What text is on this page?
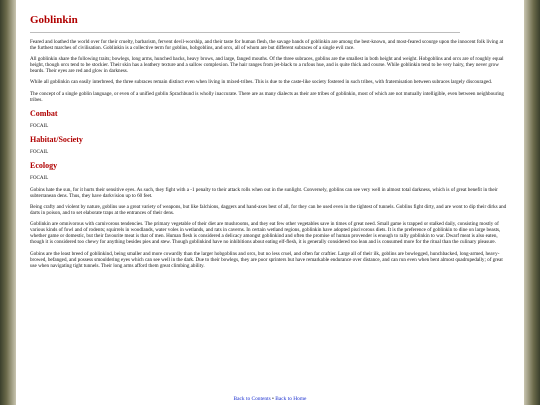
Goblinkin

Feared and loathed the world over for their cruelty, barbarism, fervent devil-worship, and their taste for human flesh, the savage bands of goblinkin are among the best-known, and most-feared scourge upon the innocent folk living at the furthest marches of civilisation. Goblinkin is a collective term for goblins, hobgoblins, and orcs, all of whom are but different subraces of a single evil race.

All goblinkin share the following traits; bowlegs, long arms, hunched backs, heavy brows, and large, fanged mouths. Of the three subraces, goblins are the smallest in both height and weight. Hobgoblins and orcs are of roughly equal height, though orcs tend to be stockier. Their skin has a leathery texture and a sallow complexion. The hair ranges from jet-black to a rufous hue, and is quite thick and course. While goblinkin tend to be very hairy, they never grow beards. Their eyes are red and glow in darkness.

While all goblinkin can easily interbreed, the three subraces remain distinct even when living in mixed-tribes. This is due to the caste-like society fostered in such tribes, with fraternisation between subraces largely discouraged.

The concept of a single goblin language, or even of a unified goblin Sprachbund is wholly inaccurate. There are as many dialects as their are tribes of goblinkin, most of which are not mutually intelligible, even between neighbouring tribes.

Combat
FOCAIL
Habitat/Society
FOCAIL
Ecology
FOCAIL

Gobins hate the sun, for it hurts their sensitive eyes. As such, they fight with a -1 penalty to their attack rolls when out in the sunlight. Conversely, goblins can see very well in almost total darkness, which is of great benefit in their subterranean dens. Thus, they have darkvision up to 60 feet.

Being crafty and violent by nature, goblins use a great variety of weapons, but like falchions, daggers and hand-axes best of all, for they can be used even in the tightest of tunnels. Goblins fight dirty, and are wont to dip their dirks and darts in poison, and to set elaborate traps at the entrances of their dens.

Goblinkin are omnivorous with carnivorous tendencies. The primary vegetable of their diet are mushrooms, and they eat few other vegetables save in times of great need. Small game is trapped or stalked daily, consisting mostly of various kinds of fowl and of rodents; squirrels in woodlands, water voles in wetlands, and rats in caverns. In certain wetland regions, goblinkin have adopted piscivorous diets. It is the preference of goblinkin to dine on large beasts, whether game or domestic, but their favourite meat is that of men. Human flesh is considered a delicacy amongst goblinkind and often the promise of human provender is enough to rally goblinkin to war. Dwarf meat is also eaten, though it is considered too chewy for anything besides pies and stew. Though goblinkind have no inhibitions about eating elf-flesh, it is generally considered too lean and is consumed more for the ritual than the culinary pleasure.

Gobins are the least breed of goblinkind, being smaller and more cowardly than the larger hobgoblins and orcs, but no less cruel, and often far craftier. Large all of their ilk, goblins are bowlegged, hunchbacked, long-armed, heavy-browed, befanged, and possess smouldering eyes which can see well in the dark. Due to their bowlegs, they are poor sprinters but have remarkable endurance over distance, and can run even when bent almost quadrupedally; of great use when navigating tight tunnels. Their long arms afford them great climbing ability.

Back to Contents • Back to Home
